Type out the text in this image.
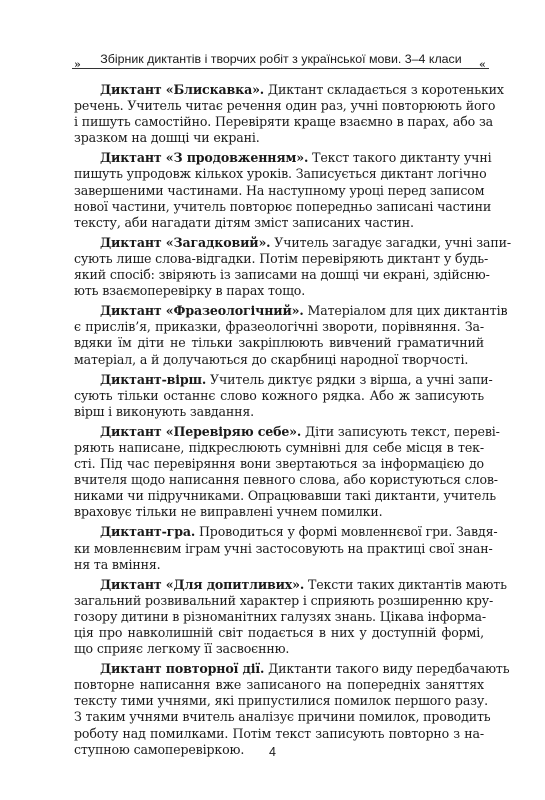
Збірник диктантів і творчих робіт з української мови. 3–4 класи
»	«
Диктант «Блискавка». Диктант складається з коротеньких
речень. Учитель читає речення один раз, учні повторюють його
і пишуть самостійно. Перевіряти краще взаємно в парах, або за
зразком на дошці чи екрані.
Диктант «З продовженням». Текст такого диктанту учні
пишуть упродовж кількох уроків. Записується диктант логічно
завершеними частинами. На наступному уроці перед записом
нової частини, учитель повторює попередньо записані частини
тексту, аби нагадати дітям зміст записаних частин.
Диктант «Загадковий». Учитель загадує загадки, учні запи-
сують лише слова-відгадки. Потім перевіряють диктант у будь-
який спосіб: звіряють із записами на дошці чи екрані, здійсню-
ють взаємоперевірку в парах тощо.
Диктант «Фразеологічний». Матеріалом для цих диктантів
є прислів’я, приказки, фразеологічні звороти, порівняння. За-
вдяки їм діти не тільки закріплюють вивчений граматичний
матеріал, а й долучаються до скарбниці народної творчості.
Диктант-вірш. Учитель диктує рядки з вірша, а учні запи-
сують тільки останнє слово кожного рядка. Або ж записують
вірш і виконують завдання.
Диктант «Перевіряю себе». Діти записують текст, переві-
ряють написане, підкреслюють сумнівні для себе місця в тек-
сті. Під час перевіряння вони звертаються за інформацією до
вчителя щодо написання певного слова, або користуються слов-
никами чи підручниками. Опрацювавши такі диктанти, учитель
враховує тільки не виправлені учнем помилки.
Диктант-гра. Проводиться у формі мовленнєвої гри. Завдя-
ки мовленнєвим іграм учні застосовують на практиці свої знан-
ня та вміння.
Диктант «Для допитливих». Тексти таких диктантів мають
загальний розвивальний характер і сприяють розширенню кру-
гозору дитини в різноманітних галузях знань. Цікава інформа-
ція про навколишній світ подається в них у доступній формі,
що сприяє легкому її засвоєнню.
Диктант повторної дії. Диктанти такого виду передбачають
повторне написання вже записаного на попередніх заняттях
тексту тими учнями, які припустилися помилок першого разу.
З таким учнями вчитель аналізує причини помилок, проводить
роботу над помилками. Потім текст записують повторно з на-
ступною самоперевіркою.	4
